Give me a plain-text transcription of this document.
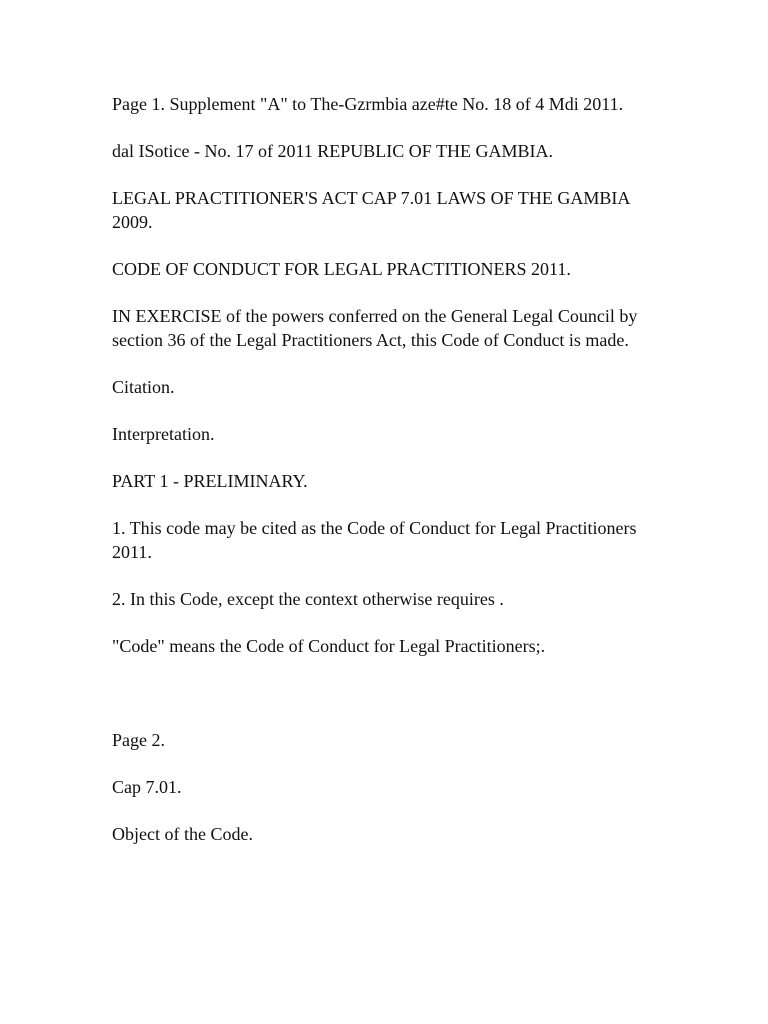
Page 1. Supplement "A" to The-Gzrmbia aze#te No. 18 of 4 Mdi 2011.

dal ISotice - No. 17 of 2011 REPUBLIC OF THE GAMBIA.

LEGAL PRACTITIONER'S ACT CAP 7.01 LAWS OF THE GAMBIA 2009.

CODE OF CONDUCT FOR LEGAL PRACTITIONERS 2011.

IN EXERCISE of the powers conferred on the General Legal Council by section 36 of the Legal Practitioners Act, this Code of Conduct is made.

Citation.

Interpretation.

PART 1 - PRELIMINARY.

1. This code may be cited as the Code of Conduct for Legal Practitioners 2011.

2. In this Code, except the context otherwise requires .

"Code" means the Code of Conduct for Legal Practitioners;.

Page 2.

Cap 7.01.

Object of the Code.
